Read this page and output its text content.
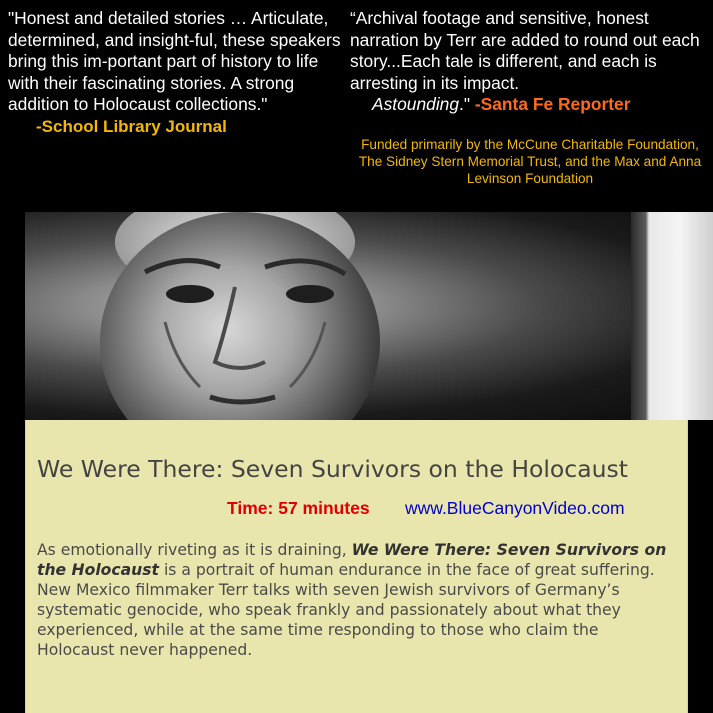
"Honest and detailed stories … Articulate, determined, and insight-ful, these speakers bring this im-portant part of history to life with their fascinating stories. A strong addition to Holocaust collections."
-School Library Journal
“Archival footage and sensitive, honest narration by Terr are added to round out each story...Each tale is different, and each is arresting in its impact.
Astounding." -Santa Fe Reporter
Funded primarily by the McCune Charitable Foundation, The Sidney Stern Memorial Trust, and the Max and Anna Levinson Foundation
We Were There: Seven Survivors on the Holocaust
Time: 57 minutes www.BlueCanyonVideo.com
As emotionally riveting as it is draining, We Were There: Seven Survivors on the Holocaust is a portrait of human endurance in the face of great suffering. New Mexico filmmaker Terr talks with seven Jewish survivors of Germany’s systematic genocide, who speak frankly and passionately about what they experienced, while at the same time responding to those who claim the Holocaust never happened.
